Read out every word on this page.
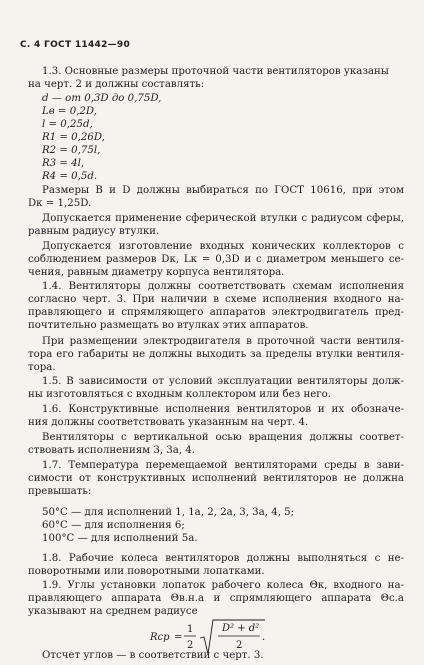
С. 4 ГОСТ 11442—90
1.3. Основные размеры проточной части вентиляторов указаны
на черт. 2 и должны составлять:
d — от 0,3D до 0,75D,
Lв = 0,2D,
l = 0,25d,
R1 = 0,26D,
R2 = 0,75l,
R3 = 4l,
R4 = 0,5d.
Размеры B и D должны выбираться по ГОСТ 10616, при этом
Dк = 1,25D.
Допускается применение сферической втулки с радиусом сферы,
равным радиусу втулки.
Допускается изготовление входных конических коллекторов с
соблюдением размеров Dк, Lк = 0,3D и с диаметром меньшего се-
чения, равным диаметру корпуса вентилятора.
1.4. Вентиляторы должны соответствовать схемам исполнения
согласно черт. 3. При наличии в схеме исполнения входного на-
правляющего и спрямляющего аппаратов электродвигатель пред-
почтительно размещать во втулках этих аппаратов.
При размещении электродвигателя в проточной части вентиля-
тора его габариты не должны выходить за пределы втулки вентиля-
тора.
1.5. В зависимости от условий эксплуатации вентиляторы долж-
ны изготовляться с входным коллектором или без него.
1.6. Конструктивные исполнения вентиляторов и их обозначе-
ния должны соответствовать указанным на черт. 4.
Вентиляторы с вертикальной осью вращения должны соответ-
ствовать исполнениям 3, 3а, 4.
1.7. Температура перемещаемой вентиляторами среды в зави-
симости от конструктивных исполнений вентиляторов не должна
превышать:
50°С — для исполнений 1, 1а, 2, 2а, 3, 3а, 4, 5;
60°С — для исполнения 6;
100°С — для исполнений 5а.
1.8. Рабочие колеса вентиляторов должны выполняться с не-
поворотными или поворотными лопатками.
1.9. Углы установки лопаток рабочего колеса Θк, входного на-
правляющего аппарата Θв.н.а и спрямляющего аппарата Θс.а
указывают на среднем радиусе
Отсчет углов — в соответствии с черт. 3.
Rср =
1
2
D² + d²
2
.
